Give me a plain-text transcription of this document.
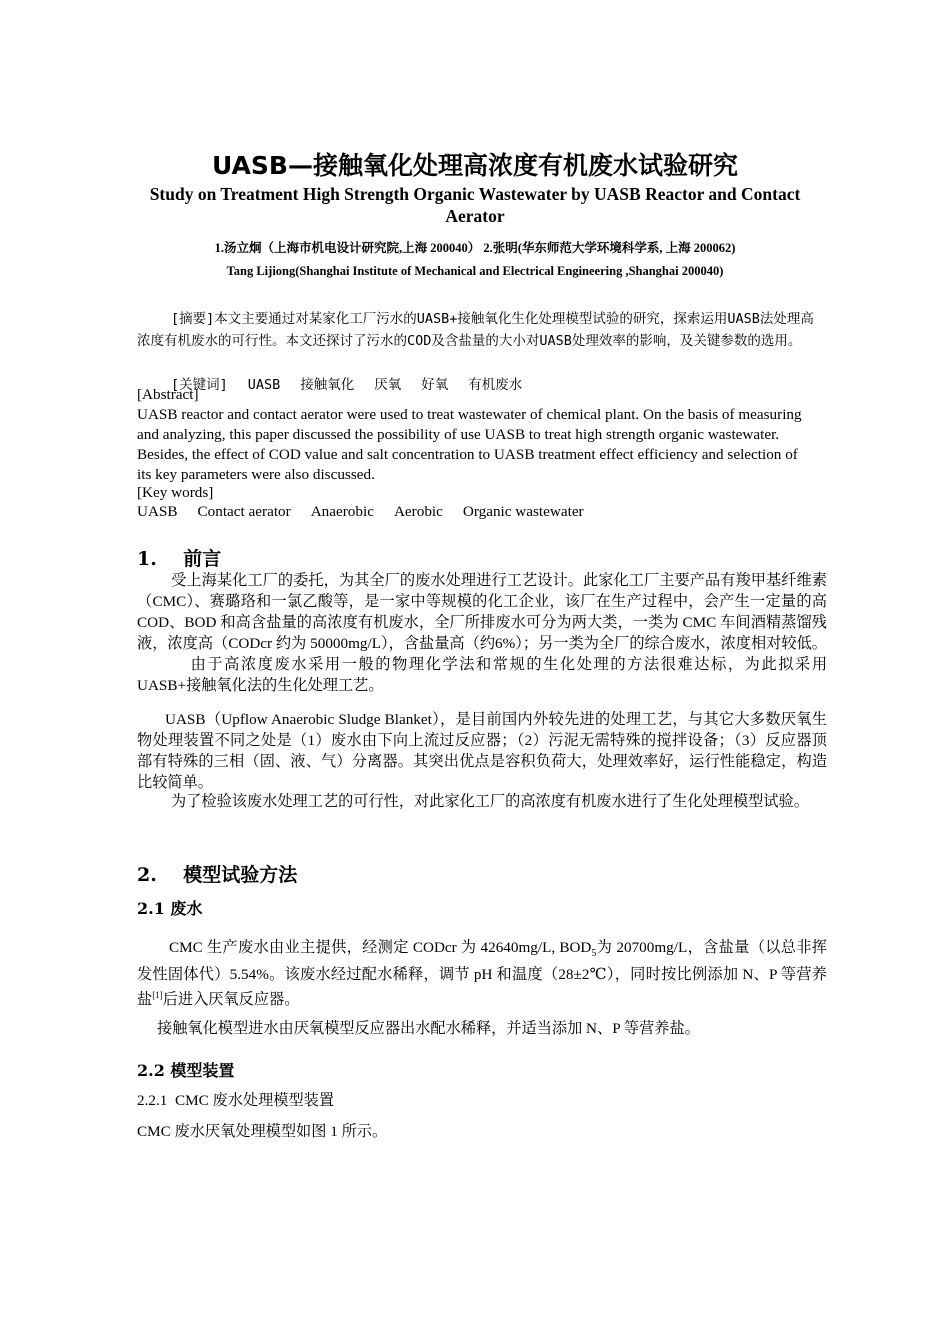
UASB—接触氧化处理高浓度有机废水试验研究
Study on Treatment High Strength Organic Wastewater by UASB Reactor and Contact Aerator
1.汤立炯（上海市机电设计研究院,上海 200040） 2.张明(华东师范大学环境科学系, 上海 200062)
Tang Lijiong(Shanghai Institute of Mechanical and Electrical Engineering ,Shanghai 200040)
[摘要]本文主要通过对某家化工厂污水的UASB+接触氧化生化处理模型试验的研究，探索运用UASB法处理高浓度有机废水的可行性。本文还探讨了污水的COD及含盐量的大小对UASB处理效率的影响，及关键参数的选用。
[关键词] UASB 接触氧化 厌氧 好氧 有机废水
[Abstract]
UASB reactor and contact aerator were used to treat wastewater of chemical plant. On the basis of measuring and analyzing, this paper discussed the possibility of use UASB to treat high strength organic wastewater. Besides, the effect of COD value and salt concentration to UASB treatment effect efficiency and selection of its key parameters were also discussed.
[Key words]
UASB Contact aerator Anaerobic Aerobic Organic wastewater
1.    前言
受上海某化工厂的委托，为其全厂的废水处理进行工艺设计。此家化工厂主要产品有羧甲基纤维素（CMC）、赛璐珞和一氯乙酸等，是一家中等规模的化工企业，该厂在生产过程中，会产生一定量的高 COD、BOD 和高含盐量的高浓度有机废水，全厂所排废水可分为两大类，一类为 CMC 车间酒精蒸馏残液，浓度高（CODcr 约为 50000mg/L），含盐量高（约6%）；另一类为全厂的综合废水，浓度相对较低。由于高浓度废水采用一般的物理化学法和常规的生化处理的方法很难达标，为此拟采用 UASB+接触氧化法的生化处理工艺。
UASB（Upflow Anaerobic Sludge Blanket），是目前国内外较先进的处理工艺，与其它大多数厌氧生物处理装置不同之处是（1）废水由下向上流过反应器；（2）污泥无需特殊的搅拌设备；（3）反应器顶部有特殊的三相（固、液、气）分离器。其突出优点是容积负荷大，处理效率好，运行性能稳定，构造比较简单。
为了检验该废水处理工艺的可行性，对此家化工厂的高浓度有机废水进行了生化处理模型试验。
2.    模型试验方法
2.1 废水
CMC 生产废水由业主提供，经测定 CODcr 为 42640mg/L, $BOD_5$为 20700mg/L，含盐量（以总非挥发性固体代）5.54%。该废水经过配水稀释，调节 pH 和温度（28±2℃），同时按比例添加 N、P 等营养盐[1]后进入厌氧反应器。
接触氧化模型进水由厌氧模型反应器出水配水稀释，并适当添加 N、P 等营养盐。
2.2 模型装置
2.2.1  CMC 废水处理模型装置
CMC 废水厌氧处理模型如图 1 所示。
